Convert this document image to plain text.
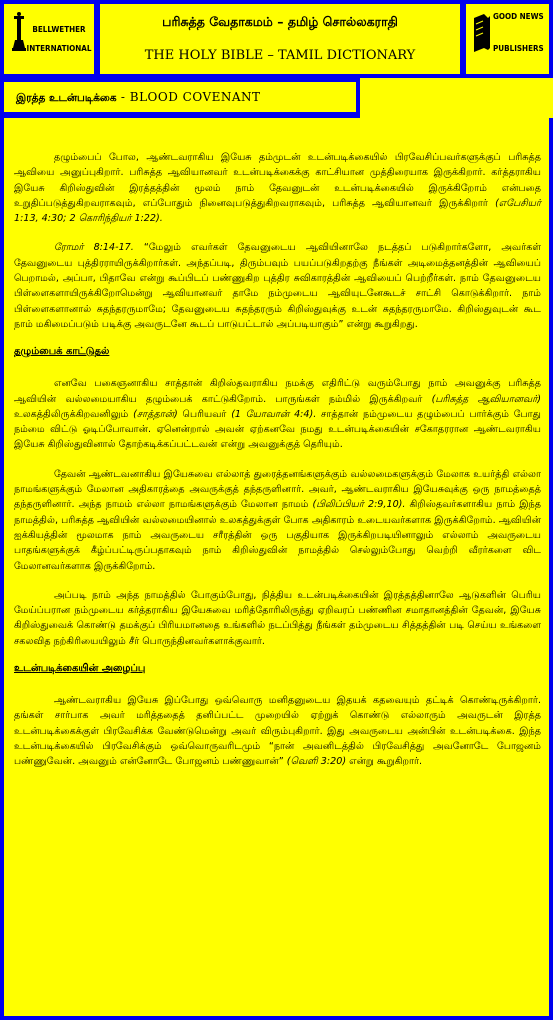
BELLWETHER
INTERNATIONAL
பரிசுத்த வேதாகமம் – தமிழ் சொல்லகராதி
THE HOLY BIBLE – TAMIL DICTIONARY
GOOD NEWS
PUBLISHERS
இரத்த உடன்படிக்கை - BLOOD COVENANT

தழும்பைப் போல, ஆண்டவராகிய இயேசு தம்முடன் உடன்படிக்கையில் பிரவேசிப்பவர்களுக்குப் பரிசுத்த ஆவியை அனுப்புகிறார். பரிசுத்த ஆவியானவர் உடன்படிக்கைக்கு காட்சியான முத்திரையாக இருக்கிறார். கர்த்தராகிய இயேசு கிறிஸ்துவின் இரத்தத்தின் மூலம் நாம் தேவனுடன் உடன்படிக்கையில் இருக்கிறோம் என்பதை உறுதிப்படுத்துகிறவராகவும், எப்போதும் நினைவுபடுத்துகிறவராகவும், பரிசுத்த ஆவியானவர் இருக்கிறார் (எபேசியர் 1:13, 4:30; 2 கொரிந்தியர் 1:22).

ரோமர் 8:14-17. “மேலும் எவர்கள் தேவனுடைய ஆவியினாலே நடத்தப் படுகிறார்களோ, அவர்கள் தேவனுடைய புத்திரராயிருக்கிறார்கள். அந்தப்படி, திரும்பவும் பயப்படுகிறதற்கு நீங்கள் அடிமைத்தனத்தின் ஆவியைப் பெறாமல், அப்பா, பிதாவே என்று கூப்பிடப் பண்ணுகிற புத்திர சுவிகாரத்தின் ஆவியைப் பெற்றீர்கள். நாம் தேவனுடைய பிள்ளைகளாயிருக்கிறோமென்று ஆவியானவர் தாமே நம்முடைய ஆவியுடனேகூடச் சாட்சி கொடுக்கிறார். நாம் பிள்ளைகளானால் சுதந்தரருமாமே; தேவனுடைய சுதந்தரரும் கிறிஸ்துவுக்கு உடன் சுதந்தரருமாமே. கிறிஸ்துவுடன் கூட நாம் மகிமைப்படும் படிக்கு அவருடனே கூடப் பாடுபட்டால் அப்படியாகும்” என்று கூறுகிறது.

தழும்பைக் காட்டுதல்

எனவே பகைஞனாகிய சாத்தான் கிறிஸ்தவராகிய நமக்கு எதிரிட்டு வரும்போது நாம் அவனுக்கு பரிசுத்த ஆவியின் வல்லமையாகிய தழும்பைக் காட்டுகிறோம். பாருங்கள் நம்மில் இருக்கிறவர் (பரிசுத்த ஆவியானவர்) உலகத்திலிருக்கிறவனிலும் (சாத்தான்) பெரியவர் (1 யோவான் 4:4). சாத்தான் நம்முடைய தழும்பைப் பார்க்கும் போது நம்மை விட்டு ஓடிப்போவான். ஏனென்றால் அவன் ஏற்கனவே நமது உடன்படிக்கையின் சகோதரரான ஆண்டவராகிய இயேசு கிறிஸ்துவினால் தோற்கடிக்கப்பட்டவன் என்று அவனுக்குத் தெரியும்.

தேவன் ஆண்டவனாகிய இயேசுவை எல்லாத் துரைத்தனங்களுக்கும் வல்லமைகளுக்கும் மேலாக உயர்த்தி எல்லா நாமங்களுக்கும் மேலான அதிகாரத்தை அவருக்குத் தந்தருளினார். அவர், ஆண்டவராகிய இயேசுவுக்கு ஒரு நாமத்தைத் தந்தருளினார். அந்த நாமம் எல்லா நாமங்களுக்கும் மேலான நாமம் (பிலிப்பியர் 2:9,10). கிறிஸ்தவர்களாகிய நாம் இந்த நாமத்தில், பரிசுத்த ஆவியின் வல்லமையினால் உலகத்துக்குள் போக அதிகாரம் உடையவர்களாக இருக்கிறோம். ஆவியின் ஐக்கியத்தின் மூலமாக நாம் அவருடைய சரீரத்தின் ஒரு பகுதியாக இருக்கிறபடியினாலும் எல்லாம் அவருடைய பாதங்களுக்குக் கீழ்ப்பட்டிருப்பதாகவும் நாம் கிறிஸ்துவின் நாமத்தில் செல்லும்போது வெற்றி வீரர்களை விட மேலானவர்களாக இருக்கிறோம்.

அப்படி நாம் அந்த நாமத்தில் போகும்போது, நித்திய உடன்படிக்கையின் இரத்தத்தினாலே ஆடுகளின் பெரிய மேய்ப்பரான நம்முடைய கர்த்தராகிய இயேசுவை மரித்தோரிலிருந்து ஏறிவரப் பண்ணின சமாதானத்தின் தேவன், இயேசு கிறிஸ்துவைக் கொண்டு தமக்குப் பிரியமானதை உங்களில் நடப்பித்து நீங்கள் தம்முடைய சித்தத்தின் படி செய்ய உங்களை சகலவித நற்கிரியையிலும் சீர் பொருந்தினவர்களாக்குவார்.

உடன்படிக்கையின் அழைப்பு

ஆண்டவராகிய இயேசு இப்போது ஒவ்வொரு மனிதனுடைய இதயக் கதவையும் தட்டிக் கொண்டிருக்கிறார். தங்கள் சார்பாக அவர் மரித்ததைத் தனிப்பட்ட முறையில் ஏற்றுக் கொண்டு எல்லாரும் அவருடன் இரத்த உடன்படிக்கைக்குள் பிரவேசிக்க வேண்டுமென்று அவர் விரும்புகிறார். இது அவருடைய அன்பின் உடன்படிக்கை. இந்த உடன்படிக்கையில் பிரவேசிக்கும் ஒவ்வொருவரிடமும் “நான் அவனிடத்தில் பிரவேசித்து அவனோடே போஜனம் பண்ணுவேன். அவனும் என்னோடே போஜனம் பண்ணுவான்” (வெளி 3:20) என்று கூறுகிறார்.
